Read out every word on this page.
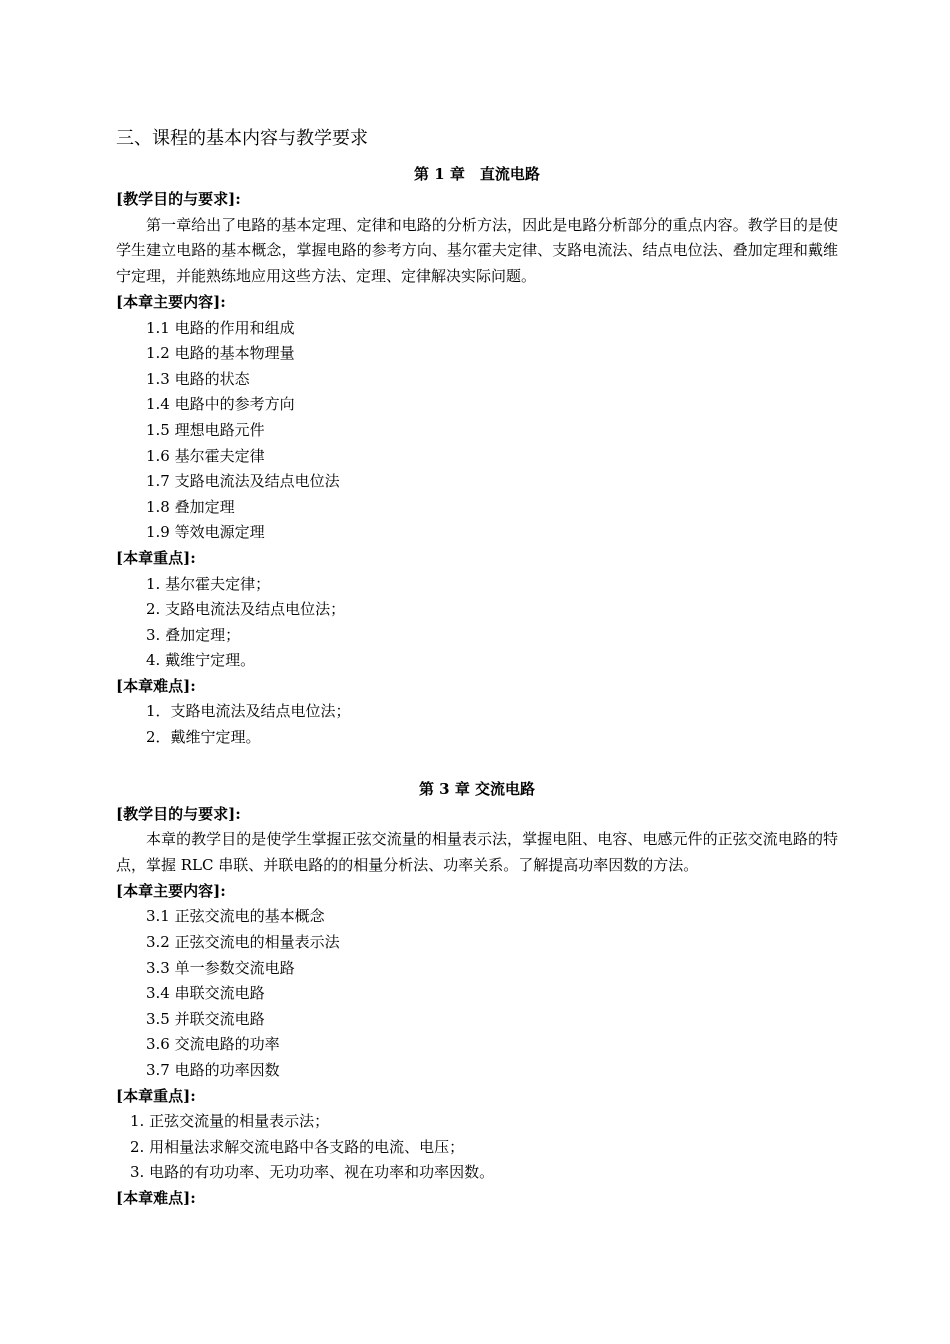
三、课程的基本内容与教学要求
第 1 章　直流电路
[教学目的与要求]:
第一章给出了电路的基本定理、定律和电路的分析方法，因此是电路分析部分的重点内容。教学目的是使学生建立电路的基本概念，掌握电路的参考方向、基尔霍夫定律、支路电流法、结点电位法、叠加定理和戴维宁定理，并能熟练地应用这些方法、定理、定律解决实际问题。
[本章主要内容]:
1.1 电路的作用和组成
1.2 电路的基本物理量
1.3 电路的状态
1.4 电路中的参考方向
1.5 理想电路元件
1.6 基尔霍夫定律
1.7 支路电流法及结点电位法
1.8 叠加定理
1.9 等效电源定理
[本章重点]:
1. 基尔霍夫定律；
2. 支路电流法及结点电位法；
3. 叠加定理；
4. 戴维宁定理。
[本章难点]:
1．支路电流法及结点电位法；
2．戴维宁定理。
第 3 章 交流电路
[教学目的与要求]:
本章的教学目的是使学生掌握正弦交流量的相量表示法，掌握电阻、电容、电感元件的正弦交流电路的特点，掌握 RLC 串联、并联电路的的相量分析法、功率关系。了解提高功率因数的方法。
[本章主要内容]:
3.1 正弦交流电的基本概念
3.2 正弦交流电的相量表示法
3.3 单一参数交流电路
3.4 串联交流电路
3.5 并联交流电路
3.6 交流电路的功率
3.7 电路的功率因数
[本章重点]:
1. 正弦交流量的相量表示法；
2. 用相量法求解交流电路中各支路的电流、电压；
3. 电路的有功功率、无功功率、视在功率和功率因数。
[本章难点]:
